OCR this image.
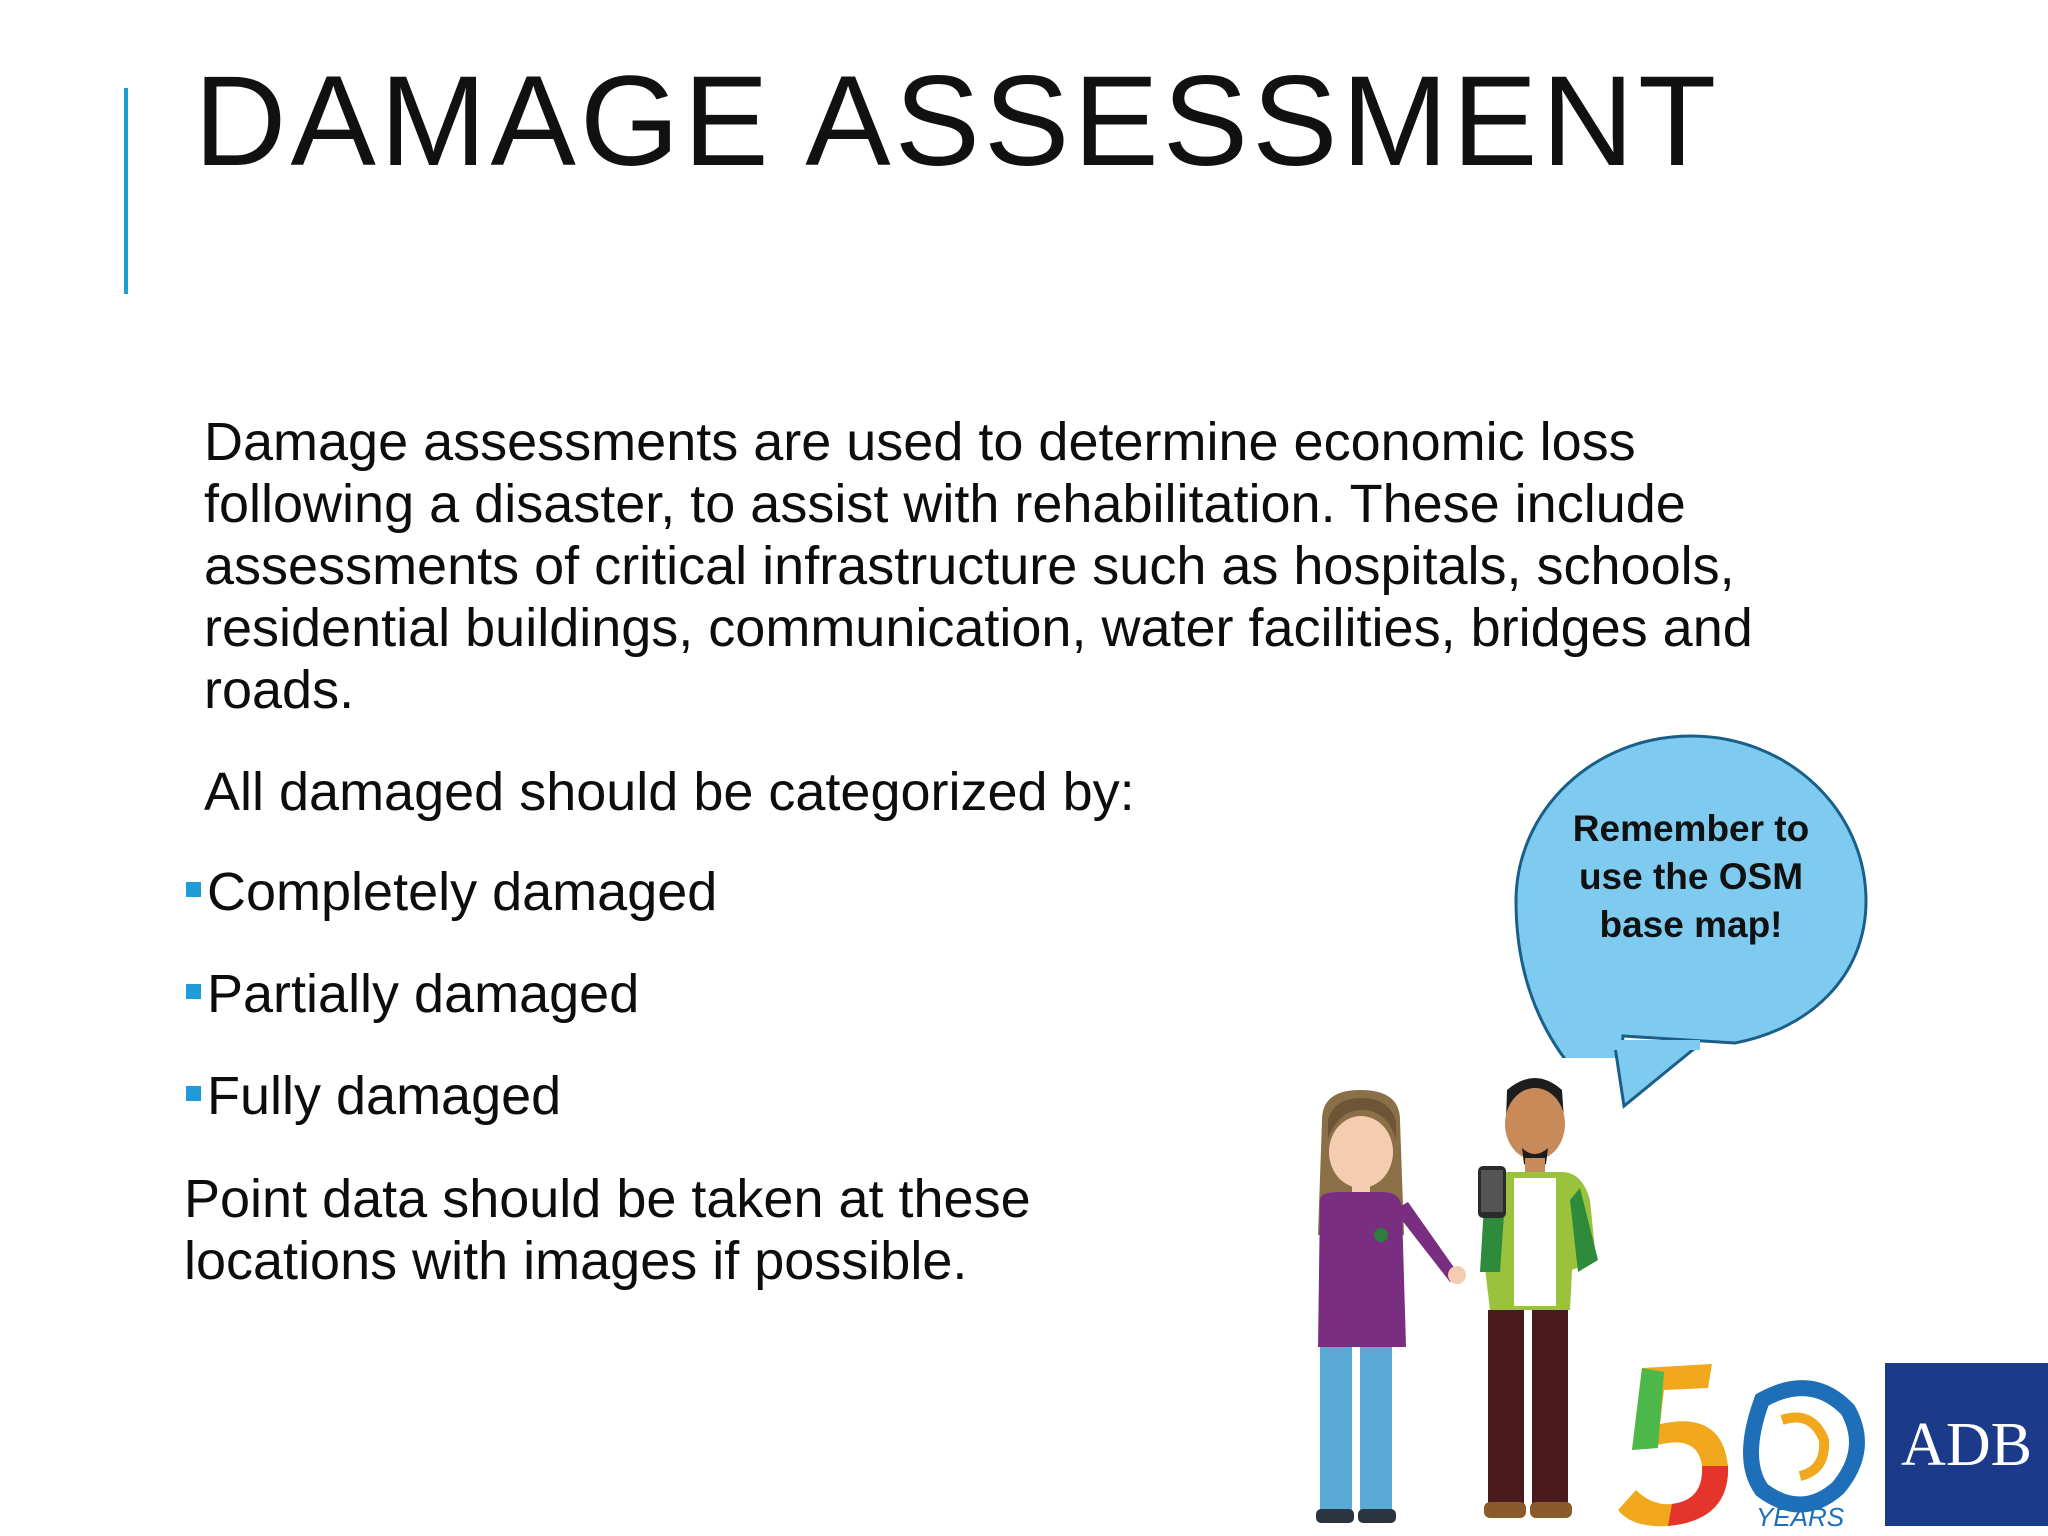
DAMAGE ASSESSMENT

Damage assessments are used to determine economic loss following a disaster, to assist with rehabilitation. These include assessments of critical infrastructure such as hospitals, schools, residential buildings, communication, water facilities, bridges and roads.

All damaged should be categorized by:

Completely damaged
Partially damaged
Fully damaged

Point data should be taken at these locations with images if possible.

Remember to use the OSM base map!
YEARS
ADB
